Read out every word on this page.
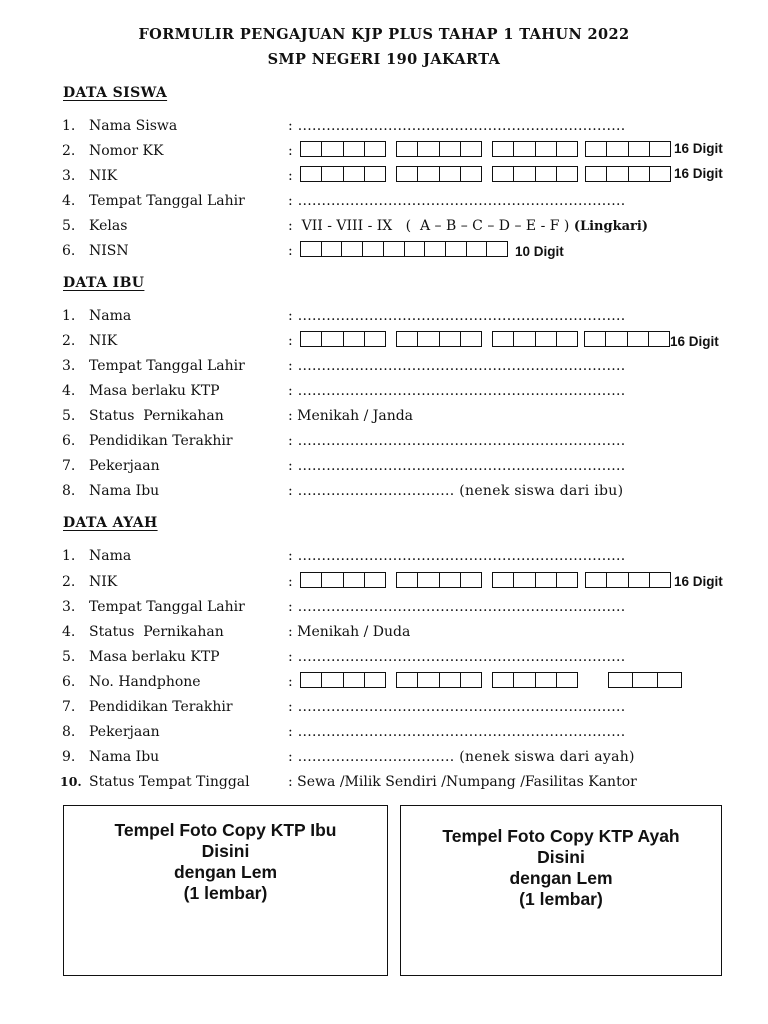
FORMULIR PENGAJUAN KJP PLUS TAHAP 1 TAHUN 2022
SMP NEGERI 190 JAKARTA
DATA SISWA
1. Nama Siswa	: .....................................................................
2. Nomor KK	:	16 Digit
3. NIK	:	16 Digit
4. Tempat Tanggal Lahir	: .....................................................................
5. Kelas	:  VII - VIII - IX   (  A – B – C – D – E - F ) (Lingkari)
6. NISN	:	10 Digit
DATA IBU
1. Nama	: .....................................................................
2. NIK	:	16 Digit
3. Tempat Tanggal Lahir	: .....................................................................
4. Masa berlaku KTP	: .....................................................................
5. Status  Pernikahan	: Menikah / Janda
6. Pendidikan Terakhir	: .....................................................................
7. Pekerjaan	: .....................................................................
8. Nama Ibu	: ................................. (nenek siswa dari ibu)
DATA AYAH
1. Nama	: .....................................................................
2. NIK	:	16 Digit
3. Tempat Tanggal Lahir	: .....................................................................
4. Status  Pernikahan	: Menikah / Duda
5. Masa berlaku KTP	: .....................................................................
6. No. Handphone	:
7. Pendidikan Terakhir	: .....................................................................
8. Pekerjaan	: .....................................................................
9. Nama Ibu	: ................................. (nenek siswa dari ayah)
10. Status Tempat Tinggal	: Sewa /Milik Sendiri /Numpang /Fasilitas Kantor
Tempel Foto Copy KTP Ibu
Disini
dengan Lem
(1 lembar)
Tempel Foto Copy KTP Ayah
Disini
dengan Lem
(1 lembar)
